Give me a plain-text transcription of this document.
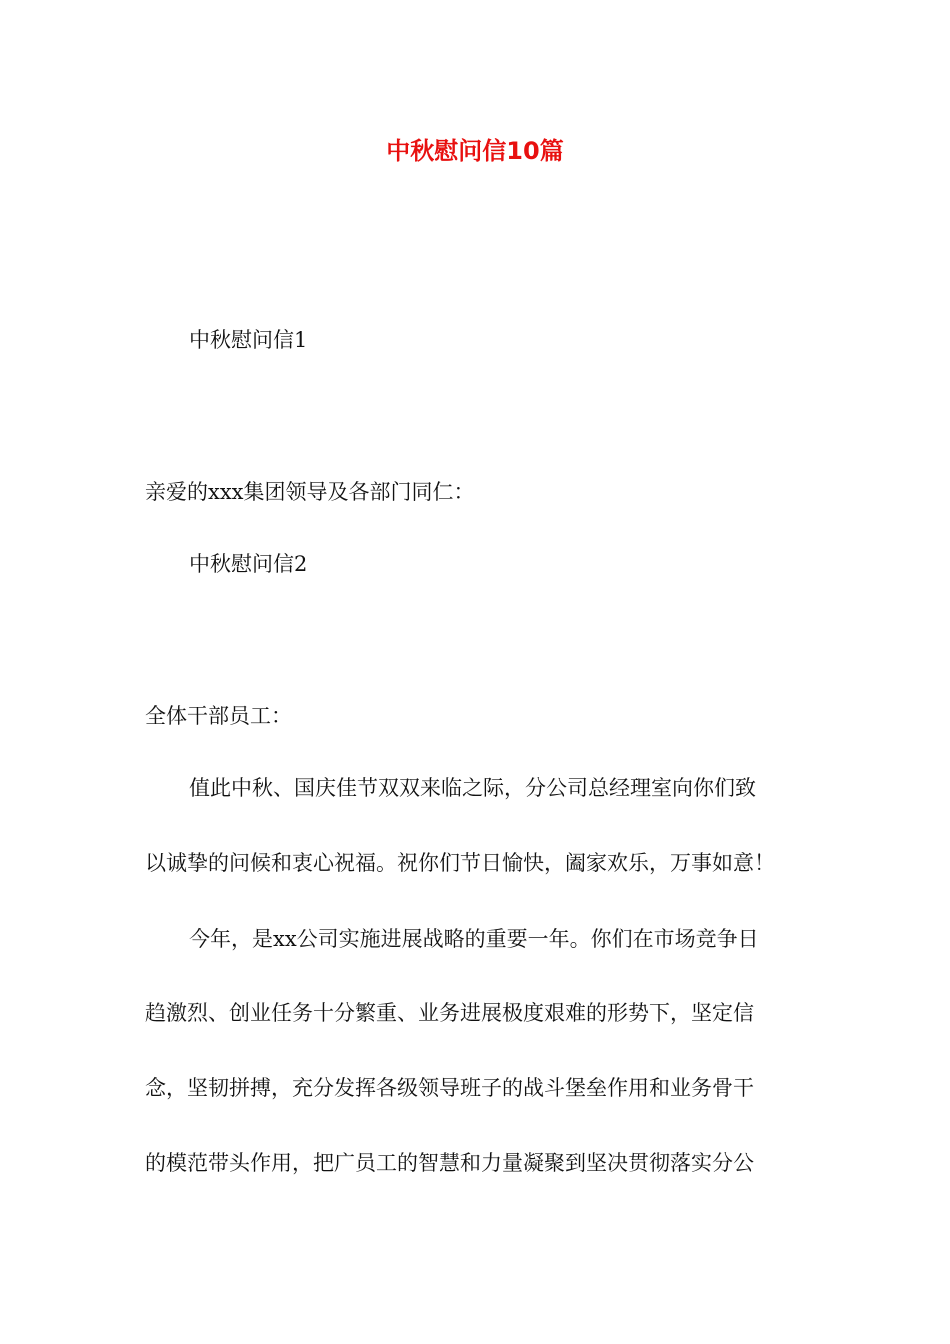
中秋慰问信10篇

中秋慰问信1

亲爱的xxx集团领导及各部门同仁：

中秋慰问信2

全体干部员工：

值此中秋、国庆佳节双双来临之际，分公司总经理室向你们致

以诚挚的问候和衷心祝福。祝你们节日愉快，阖家欢乐，万事如意！

今年，是xx公司实施进展战略的重要一年。你们在市场竞争日

趋激烈、创业任务十分繁重、业务进展极度艰难的形势下，坚定信

念，坚韧拼搏，充分发挥各级领导班子的战斗堡垒作用和业务骨干

的模范带头作用，把广员工的智慧和力量凝聚到坚决贯彻落实分公
